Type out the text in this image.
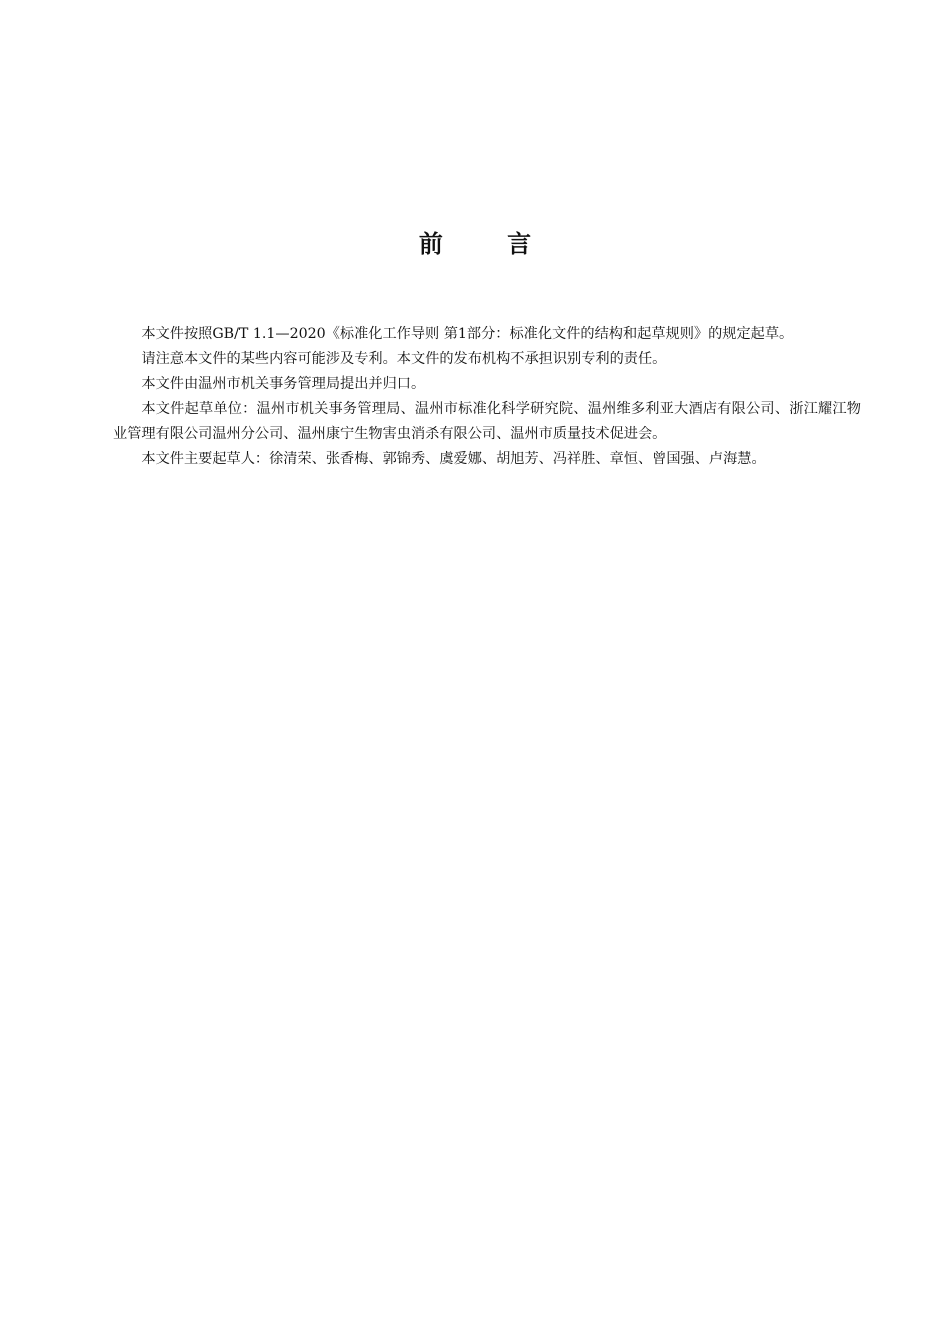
前 言

本文件按照GB/T 1.1—2020《标准化工作导则 第1部分：标准化文件的结构和起草规则》的规定起草。

请注意本文件的某些内容可能涉及专利。本文件的发布机构不承担识别专利的责任。

本文件由温州市机关事务管理局提出并归口。

本文件起草单位：温州市机关事务管理局、温州市标准化科学研究院、温州维多利亚大酒店有限公司、浙江耀江物业管理有限公司温州分公司、温州康宁生物害虫消杀有限公司、温州市质量技术促进会。

本文件主要起草人：徐清荣、张香梅、郭锦秀、虞爱娜、胡旭芳、冯祥胜、章恒、曾国强、卢海慧。
